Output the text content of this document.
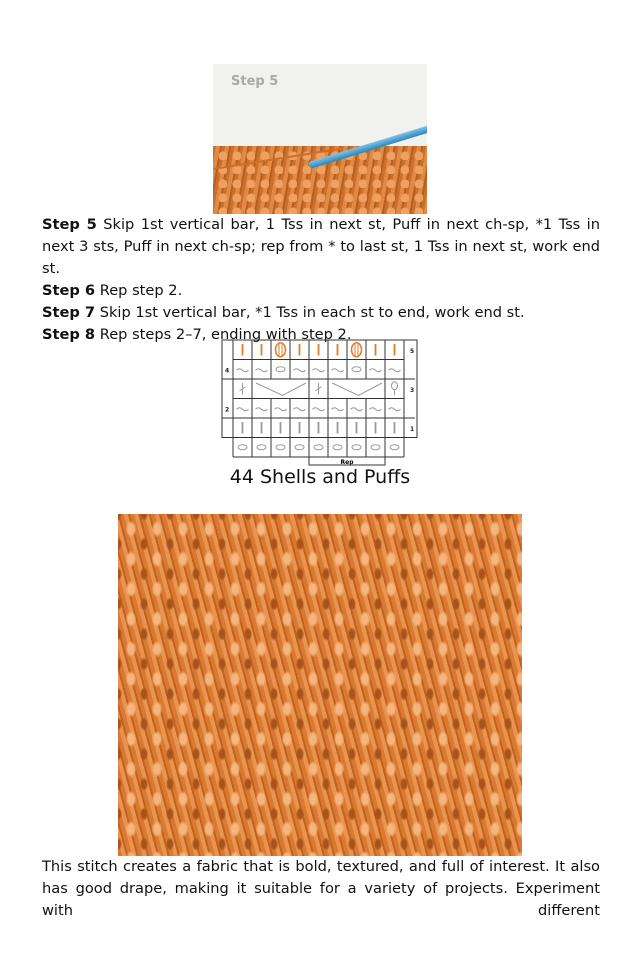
Step 5

Step 5 Skip 1st vertical bar, 1 Tss in next st, Puff in next ch-sp, *1 Tss in next 3 sts, Puff in next ch-sp; rep from * to last st, 1 Tss in next st, work end st.

Step 6 Rep step 2.

Step 7 Skip 1st vertical bar, *1 Tss in each st to end, work end st.

Step 8 Rep steps 2–7, ending with step 2.

5
4
3
2
1
Rep
44 Shells and Puffs
This stitch creates a fabric that is bold, textured, and full of interest. It also has good drape, making it suitable for a variety of projects. Experiment with different
